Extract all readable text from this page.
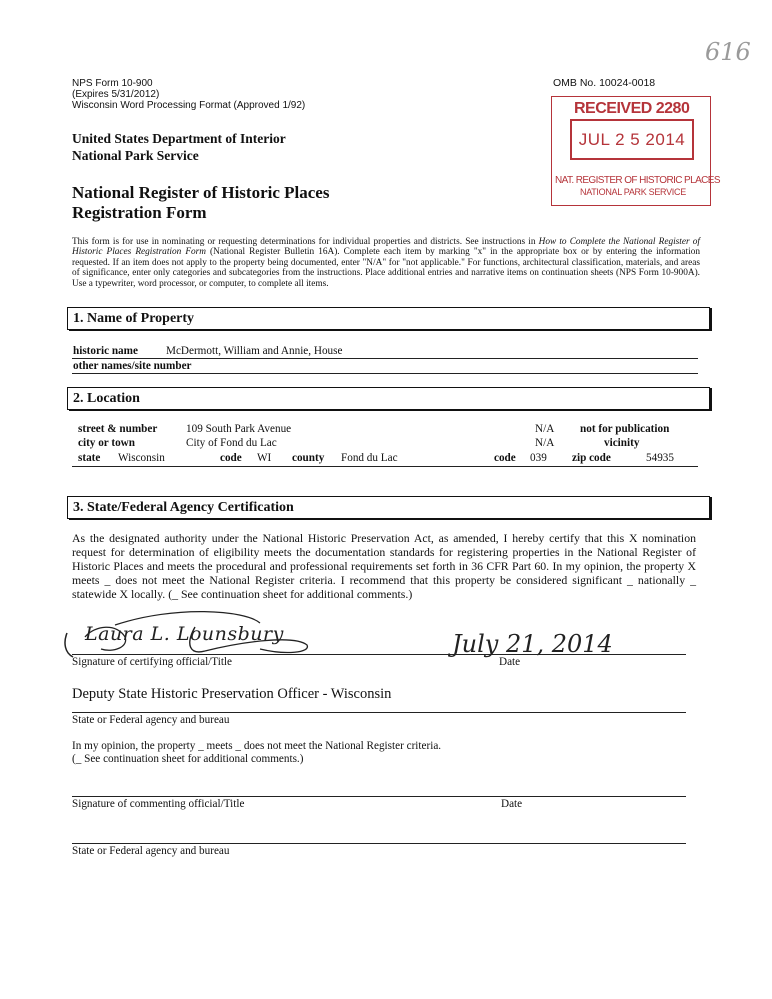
NPS Form 10-900
(Expires 5/31/2012)
Wisconsin Word Processing Format (Approved 1/92)
OMB No. 10024-0018
616
United States Department of Interior
National Park Service
National Register of Historic Places
Registration Form
RECEIVED 2280
JUL 2 5 2014
NAT. REGISTER OF HISTORIC PLACES
NATIONAL PARK SERVICE
This form is for use in nominating or requesting determinations for individual properties and districts. See instructions in How to Complete the National Register of Historic Places Registration Form (National Register Bulletin 16A). Complete each item by marking "x" in the appropriate box or by entering the information requested. If an item does not apply to the property being documented, enter "N/A" for "not applicable." For functions, architectural classification, materials, and areas of significance, enter only categories and subcategories from the instructions. Place additional entries and narrative items on continuation sheets (NPS Form 10-900A). Use a typewriter, word processor, or computer, to complete all items.
1. Name of Property
historic name	McDermott, William and Annie, House
other names/site number
2. Location
street & number	109 South Park Avenue	N/A not for publication
city or town	City of Fond du Lac	N/A	vicinity
state Wisconsin	code WI county Fond du Lac	code 039 zip code	54935
3. State/Federal Agency Certification
As the designated authority under the National Historic Preservation Act, as amended, I hereby certify that this X nomination request for determination of eligibility meets the documentation standards for registering properties in the National Register of Historic Places and meets the procedural and professional requirements set forth in 36 CFR Part 60. In my opinion, the property X meets _ does not meet the National Register criteria. I recommend that this property be considered significant _ nationally _ statewide X locally. (_ See continuation sheet for additional comments.)
Laura L. Lounsbury	July 21, 2014
Signature of certifying official/Title	Date
Deputy State Historic Preservation Officer - Wisconsin
State or Federal agency and bureau
In my opinion, the property _ meets _ does not meet the National Register criteria.
(_ See continuation sheet for additional comments.)
Signature of commenting official/Title	Date
State or Federal agency and bureau
